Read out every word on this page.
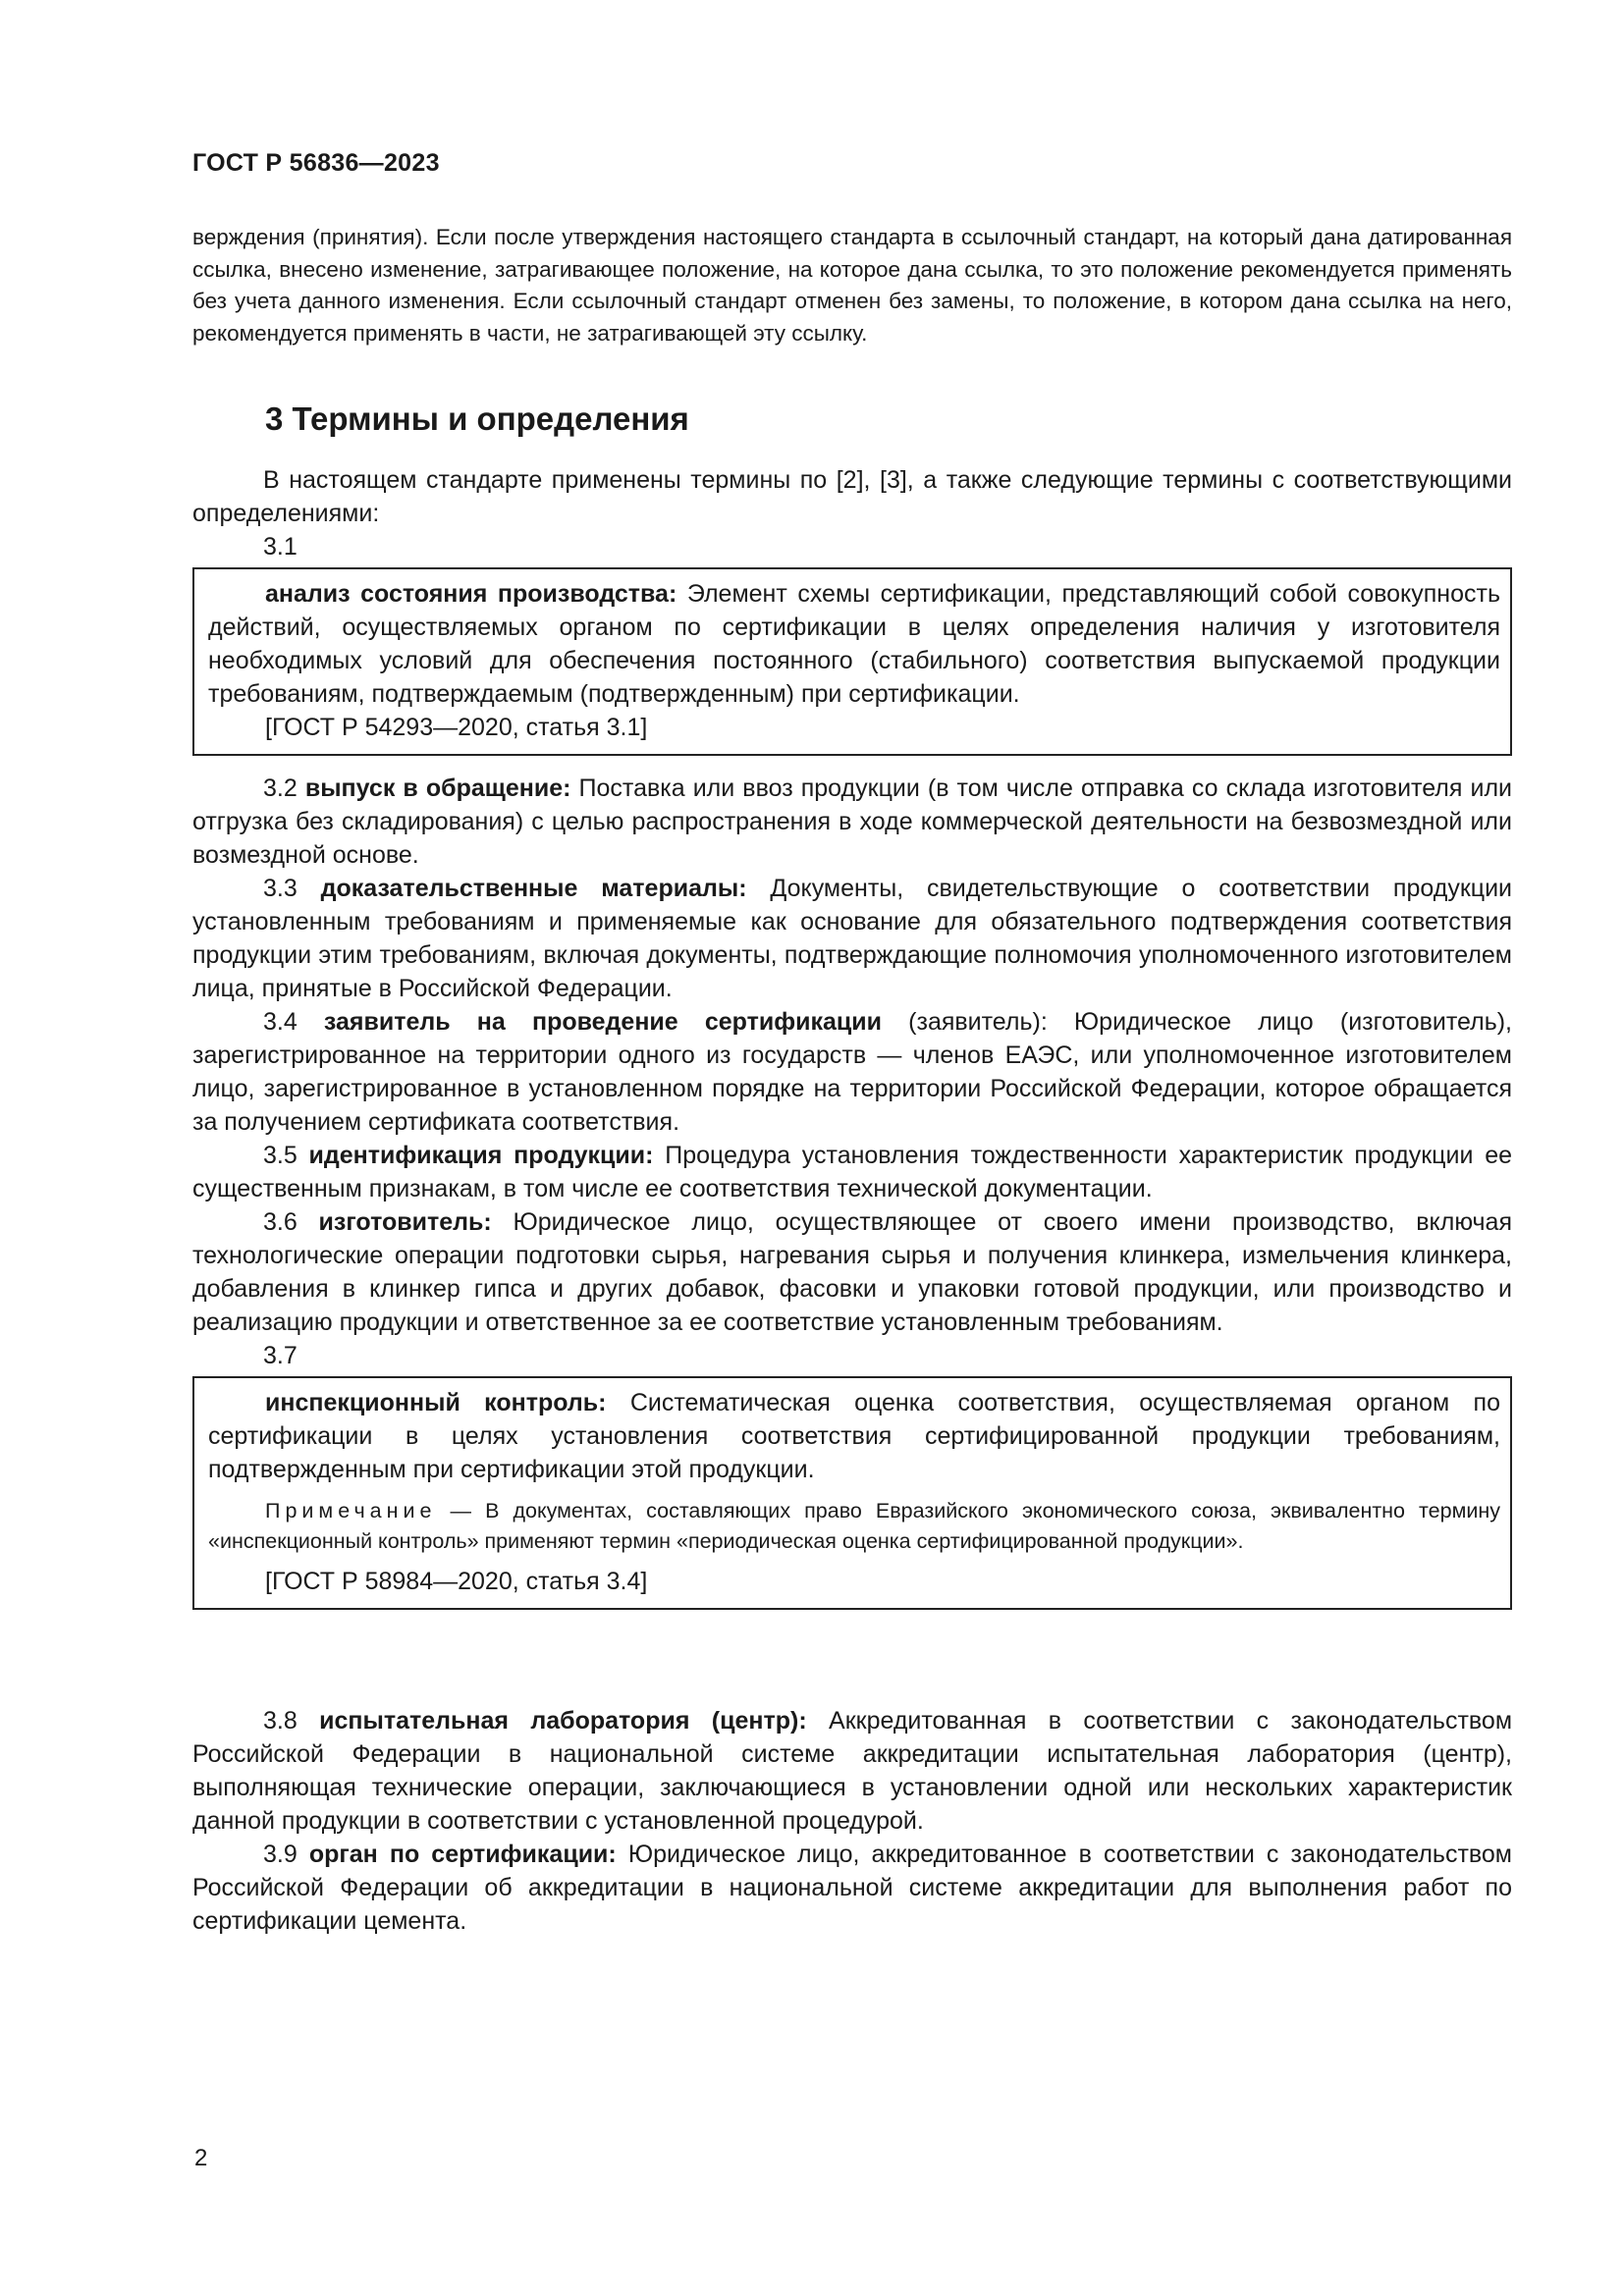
ГОСТ Р 56836—2023
верждения (принятия). Если после утверждения настоящего стандарта в ссылочный стандарт, на который дана датированная ссылка, внесено изменение, затрагивающее положение, на которое дана ссылка, то это положение рекомендуется применять без учета данного изменения. Если ссылочный стандарт отменен без замены, то положение, в котором дана ссылка на него, рекомендуется применять в части, не затрагивающей эту ссылку.
3 Термины и определения

В настоящем стандарте применены термины по [2], [3], а также следующие термины с соответствующими определениями:

3.1

анализ состояния производства: Элемент схемы сертификации, представляющий собой совокупность действий, осуществляемых органом по сертификации в целях определения наличия у изготовителя необходимых условий для обеспечения постоянного (стабильного) соответствия выпускаемой продукции требованиям, подтверждаемым (подтвержденным) при сертификации.

[ГОСТ Р 54293—2020, статья 3.1]

3.2 выпуск в обращение: Поставка или ввоз продукции (в том числе отправка со склада изготовителя или отгрузка без складирования) с целью распространения в ходе коммерческой деятельности на безвозмездной или возмездной основе.

3.3 доказательственные материалы: Документы, свидетельствующие о соответствии продукции установленным требованиям и применяемые как основание для обязательного подтверждения соответствия продукции этим требованиям, включая документы, подтверждающие полномочия уполномоченного изготовителем лица, принятые в Российской Федерации.

3.4 заявитель на проведение сертификации (заявитель): Юридическое лицо (изготовитель), зарегистрированное на территории одного из государств — членов ЕАЭС, или уполномоченное изготовителем лицо, зарегистрированное в установленном порядке на территории Российской Федерации, которое обращается за получением сертификата соответствия.

3.5 идентификация продукции: Процедура установления тождественности характеристик продукции ее существенным признакам, в том числе ее соответствия технической документации.

3.6 изготовитель: Юридическое лицо, осуществляющее от своего имени производство, включая технологические операции подготовки сырья, нагревания сырья и получения клинкера, измельчения клинкера, добавления в клинкер гипса и других добавок, фасовки и упаковки готовой продукции, или производство и реализацию продукции и ответственное за ее соответствие установленным требованиям.

3.7

инспекционный контроль: Систематическая оценка соответствия, осуществляемая органом по сертификации в целях установления соответствия сертифицированной продукции требованиям, подтвержденным при сертификации этой продукции.

Примечание — В документах, составляющих право Евразийского экономического союза, эквивалентно термину «инспекционный контроль» применяют термин «периодическая оценка сертифицированной продукции».

[ГОСТ Р 58984—2020, статья 3.4]

3.8 испытательная лаборатория (центр): Аккредитованная в соответствии с законодательством Российской Федерации в национальной системе аккредитации испытательная лаборатория (центр), выполняющая технические операции, заключающиеся в установлении одной или нескольких характеристик данной продукции в соответствии с установленной процедурой.

3.9 орган по сертификации: Юридическое лицо, аккредитованное в соответствии с законодательством Российской Федерации об аккредитации в национальной системе аккредитации для выполнения работ по сертификации цемента.

2
